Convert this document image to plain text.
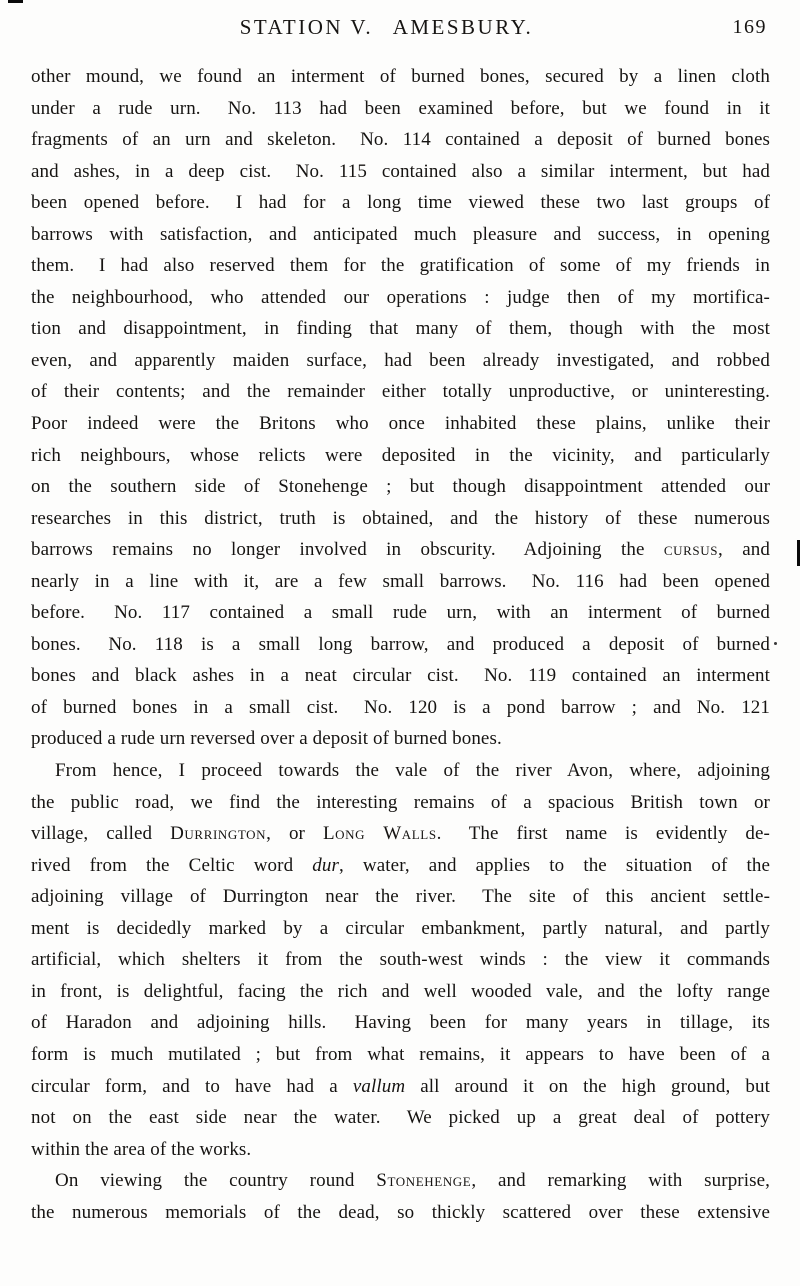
STATION V.  AMESBURY.	169
other mound, we found an interment of burned bones, secured by a linen cloth
under a rude urn.  No. 113 had been examined before, but we found in it
fragments of an urn and skeleton.  No. 114 contained a deposit of burned bones
and ashes, in a deep cist.  No. 115 contained also a similar interment, but had
been opened before.  I had for a long time viewed these two last groups of
barrows with satisfaction, and anticipated much pleasure and success, in opening
them.  I had also reserved them for the gratification of some of my friends in
the neighbourhood, who attended our operations : judge then of my mortifica-
tion and disappointment, in finding that many of them, though with the most
even, and apparently maiden surface, had been already investigated, and robbed
of their contents; and the remainder either totally unproductive, or uninteresting.
Poor indeed were the Britons who once inhabited these plains, unlike their
rich neighbours, whose relicts were deposited in the vicinity, and particularly
on the southern side of Stonehenge ; but though disappointment attended our
researches in this district, truth is obtained, and the history of these numerous
barrows remains no longer involved in obscurity.  Adjoining the cursus, and
nearly in a line with it, are a few small barrows.  No. 116 had been opened
before.  No. 117 contained a small rude urn, with an interment of burned
bones.  No. 118 is a small long barrow, and produced a deposit of burned
bones and black ashes in a neat circular cist.  No. 119 contained an interment
of burned bones in a small cist.  No. 120 is a pond barrow ; and No. 121
produced a rude urn reversed over a deposit of burned bones.
From hence, I proceed towards the vale of the river Avon, where, adjoining
the public road, we find the interesting remains of a spacious British town or
village, called Durrington, or Long Walls.  The first name is evidently de-
rived from the Celtic word dur, water, and applies to the situation of the
adjoining village of Durrington near the river.  The site of this ancient settle-
ment is decidedly marked by a circular embankment, partly natural, and partly
artificial, which shelters it from the south-west winds : the view it commands
in front, is delightful, facing the rich and well wooded vale, and the lofty range
of Haradon and adjoining hills.  Having been for many years in tillage, its
form is much mutilated ; but from what remains, it appears to have been of a
circular form, and to have had a vallum all around it on the high ground, but
not on the east side near the water.  We picked up a great deal of pottery
within the area of the works.
On viewing the country round Stonehenge, and remarking with surprise,
the numerous memorials of the dead, so thickly scattered over these extensive
